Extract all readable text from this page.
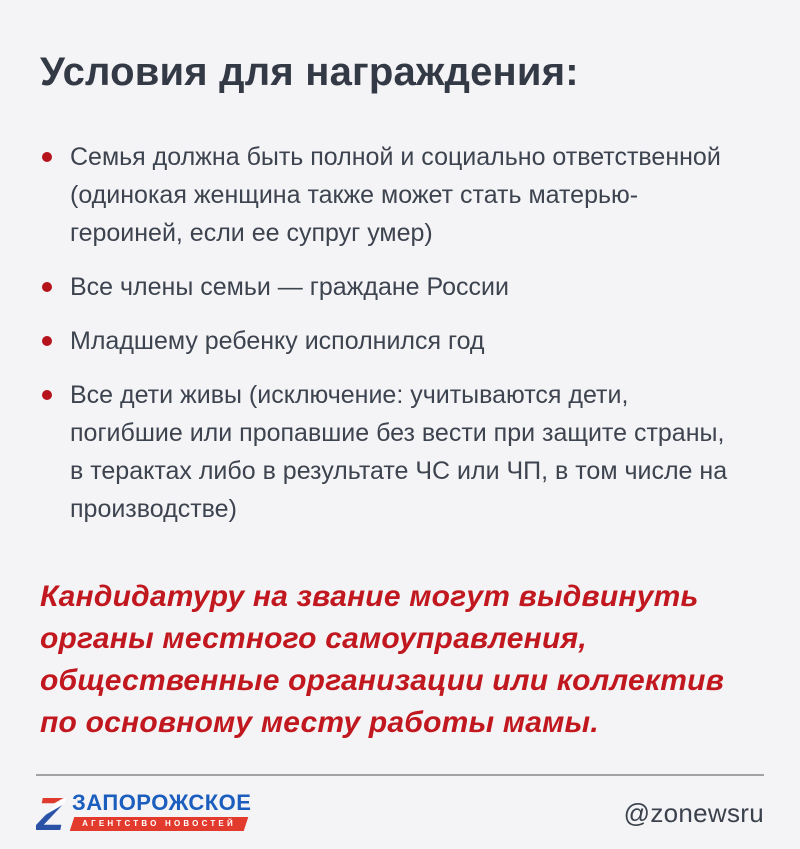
Условия для награждения:
Семья должна быть полной и социально ответственной (одинокая женщина также может стать матерью-героиней, если ее супруг умер)
Все члены семьи — граждане России
Младшему ребенку исполнился год
Все дети живы (исключение: учитываются дети, погибшие или пропавшие без вести при защите страны, в терактах либо в результате ЧС или ЧП, в том числе на производстве)

Кандидатуру на звание могут выдвинуть органы местного самоуправления, общественные организации или коллектив по основному месту работы мамы.

Z ЗАПОРОЖСКОЕ
АГЕНТСТВО НОВОСТЕЙ	@zonewsru
